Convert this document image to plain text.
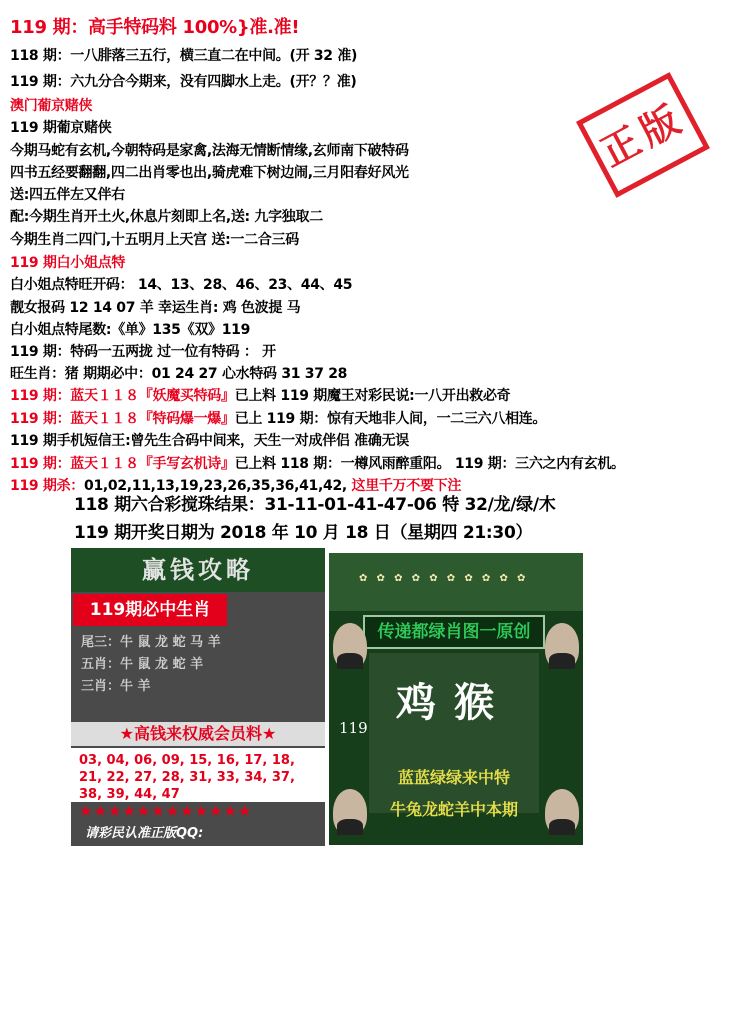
119 期：高手特码料 100%}准.准!
118 期：一八腓落三五行，横三直二在中间。(开 32 准)
119 期：六九分合今期来，没有四脚水上走。(开？？准)
澳门葡京赌侠
119 期葡京赌侠
今期马蛇有玄机,今朝特码是家禽,法海无情断情缘,玄师南下破特码
四书五经要翻翻,四二出肖零也出,骑虎难下树边闹,三月阳春好风光
送:四五伴左又伴右
配:今期生肖开土火,休息片刻即上名,送: 九字独取二
今期生肖二四门,十五明月上天宫 送:一二合三码
119 期白小姐点特
白小姐点特旺开码： 14、13、28、46、23、44、45
靓女报码 12 14 07 羊 幸运生肖: 鸡 色波提 马
白小姐点特尾数:《单》135《双》119
119 期：特码一五两拢 过一位有特码 ： 开
旺生肖：猪 期期必中：01 24 27 心水特码 31 37 28
119 期：蓝天１１８『妖魔买特码』已上料 119 期魔王对彩民说:一八开出救必奇
119 期：蓝天１１８『特码爆一爆』已上 119 期：惊有天地非人间，一二三六八相连。
119 期手机短信王:曾先生合码中间来，天生一对成伴侣 准确无误
119 期：蓝天１１８『手写玄机诗』已上料 118 期：一樽风雨醉重阳。 119 期：三六之内有玄机。
119 期杀：01,02,11,13,19,23,26,35,36,41,42, 这里千万不要下注
118 期六合彩搅珠结果：31-11-01-41-47-06 特 32/龙/绿/木
119 期开奖日期为 2018 年 10 月 18 日（星期四 21:30）
正版
赢钱攻略
119期必中生肖
尾三：牛 鼠 龙 蛇 马 羊
五肖：牛 鼠 龙 蛇 羊
三肖：牛 羊
★高钱来权威会员料★
03, 04, 06, 09, 15, 16, 17, 18, 21, 22, 27, 28, 31, 33, 34, 37, 38, 39, 44, 47
★★★★★★★★★★★★
请彩民认准正版QQ:
✿ ✿ ✿ ✿ ✿ ✿ ✿ ✿ ✿ ✿
传递都绿肖图一原创
鸡猴
119
蓝蓝绿绿来中特
牛兔龙蛇羊中本期
